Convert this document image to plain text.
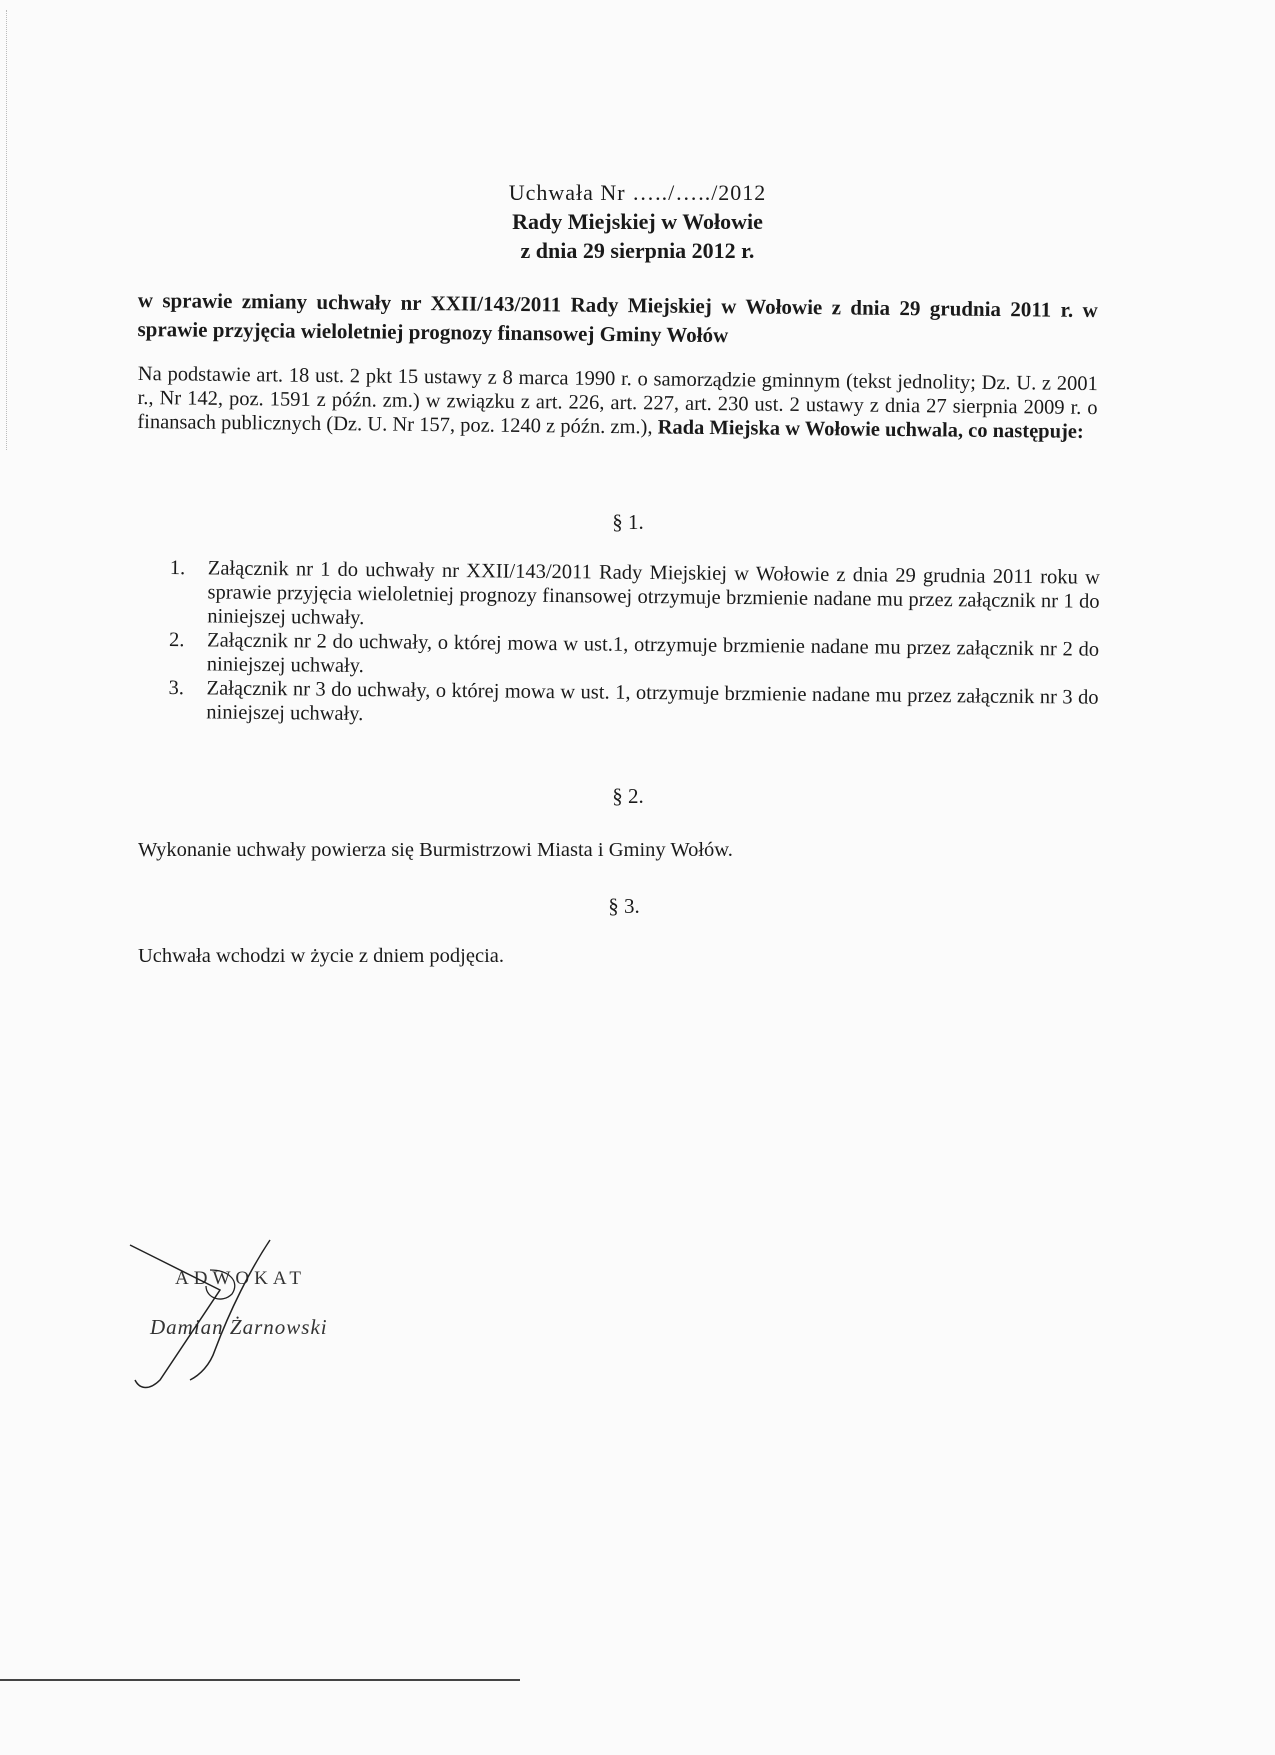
Uchwała Nr …../…../2012
Rady Miejskiej w Wołowie
z dnia 29 sierpnia 2012 r.
w sprawie zmiany uchwały nr XXII/143/2011 Rady Miejskiej w Wołowie z dnia 29 grudnia 2011 r. w sprawie przyjęcia wieloletniej prognozy finansowej Gminy Wołów
Na podstawie art. 18 ust. 2 pkt 15 ustawy z 8 marca 1990 r. o samorządzie gminnym (tekst jednolity; Dz. U. z 2001 r., Nr 142, poz. 1591 z późn. zm.) w związku z art. 226, art. 227, art. 230 ust. 2 ustawy z dnia 27 sierpnia 2009 r. o finansach publicznych (Dz. U. Nr 157, poz. 1240 z późn. zm.), Rada Miejska w Wołowie uchwala, co następuje:
§ 1.
1.	Załącznik nr 1 do uchwały nr XXII/143/2011 Rady Miejskiej w Wołowie z dnia 29 grudnia 2011 roku w sprawie przyjęcia wieloletniej prognozy finansowej otrzymuje brzmienie nadane mu przez załącznik nr 1 do niniejszej uchwały.
2.	Załącznik nr 2 do uchwały, o której mowa w ust.1, otrzymuje brzmienie nadane mu przez załącznik nr 2 do niniejszej uchwały.
3.	Załącznik nr 3 do uchwały, o której mowa w ust. 1, otrzymuje brzmienie nadane mu przez załącznik nr 3 do niniejszej uchwały.
§ 2.
Wykonanie uchwały powierza się Burmistrzowi Miasta i Gminy Wołów.
§ 3.
Uchwała wchodzi w życie z dniem podjęcia.
ADWOKAT
Damian Żarnowski
